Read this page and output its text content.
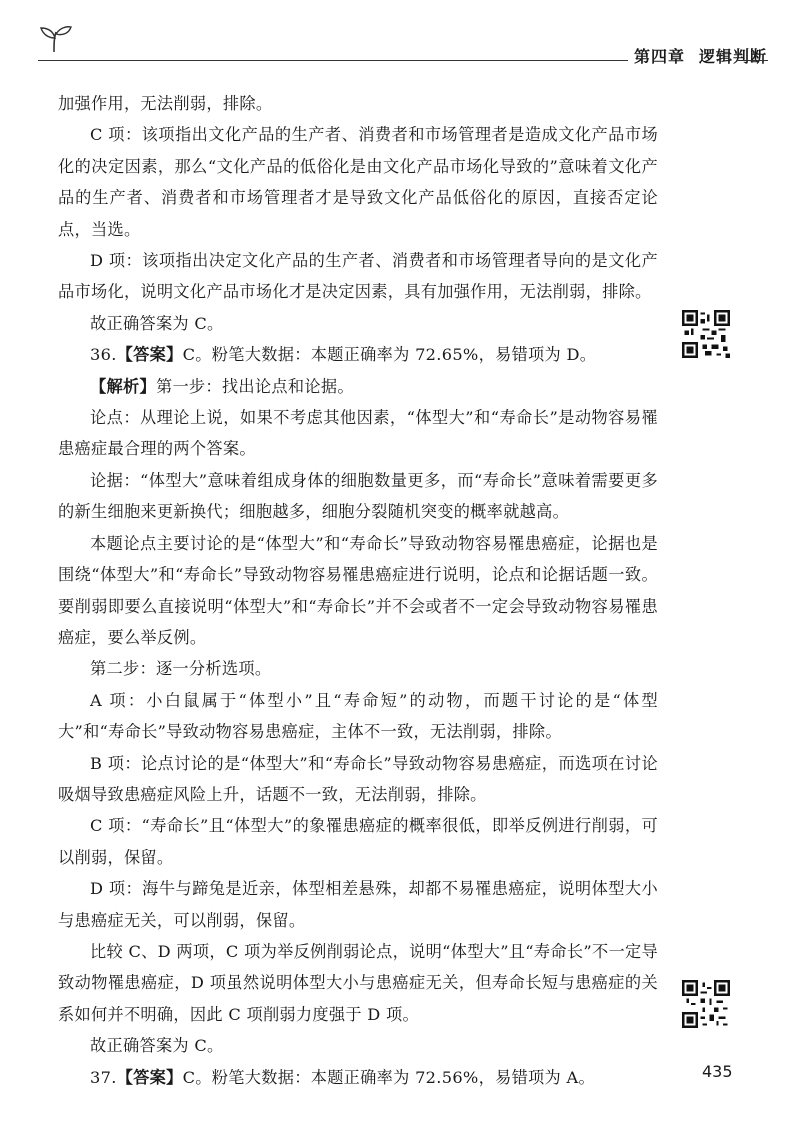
第四章 逻辑判断

加强作用，无法削弱，排除。

C 项：该项指出文化产品的生产者、消费者和市场管理者是造成文化产品市场化的决定因素，那么“文化产品的低俗化是由文化产品市场化导致的”意味着文化产品的生产者、消费者和市场管理者才是导致文化产品低俗化的原因，直接否定论点，当选。

D 项：该项指出决定文化产品的生产者、消费者和市场管理者导向的是文化产品市场化，说明文化产品市场化才是决定因素，具有加强作用，无法削弱，排除。

故正确答案为 C。

36.【答案】C。粉笔大数据：本题正确率为 72.65%，易错项为 D。

【解析】第一步：找出论点和论据。

论点：从理论上说，如果不考虑其他因素，“体型大”和“寿命长”是动物容易罹患癌症最合理的两个答案。

论据：“体型大”意味着组成身体的细胞数量更多，而“寿命长”意味着需要更多的新生细胞来更新换代；细胞越多，细胞分裂随机突变的概率就越高。

本题论点主要讨论的是“体型大”和“寿命长”导致动物容易罹患癌症，论据也是围绕“体型大”和“寿命长”导致动物容易罹患癌症进行说明，论点和论据话题一致。要削弱即要么直接说明“体型大”和“寿命长”并不会或者不一定会导致动物容易罹患癌症，要么举反例。

第二步：逐一分析选项。

A 项：小白鼠属于“体型小”且“寿命短”的动物，而题干讨论的是“体型大”和“寿命长”导致动物容易患癌症，主体不一致，无法削弱，排除。

B 项：论点讨论的是“体型大”和“寿命长”导致动物容易患癌症，而选项在讨论吸烟导致患癌症风险上升，话题不一致，无法削弱，排除。

C 项：“寿命长”且“体型大”的象罹患癌症的概率很低，即举反例进行削弱，可以削弱，保留。

D 项：海牛与蹄兔是近亲，体型相差悬殊，却都不易罹患癌症，说明体型大小与患癌症无关，可以削弱，保留。

比较 C、D 两项，C 项为举反例削弱论点，说明“体型大”且“寿命长”不一定导致动物罹患癌症，D 项虽然说明体型大小与患癌症无关，但寿命长短与患癌症的关系如何并不明确，因此 C 项削弱力度强于 D 项。

故正确答案为 C。

37.【答案】C。粉笔大数据：本题正确率为 72.56%，易错项为 A。	435
